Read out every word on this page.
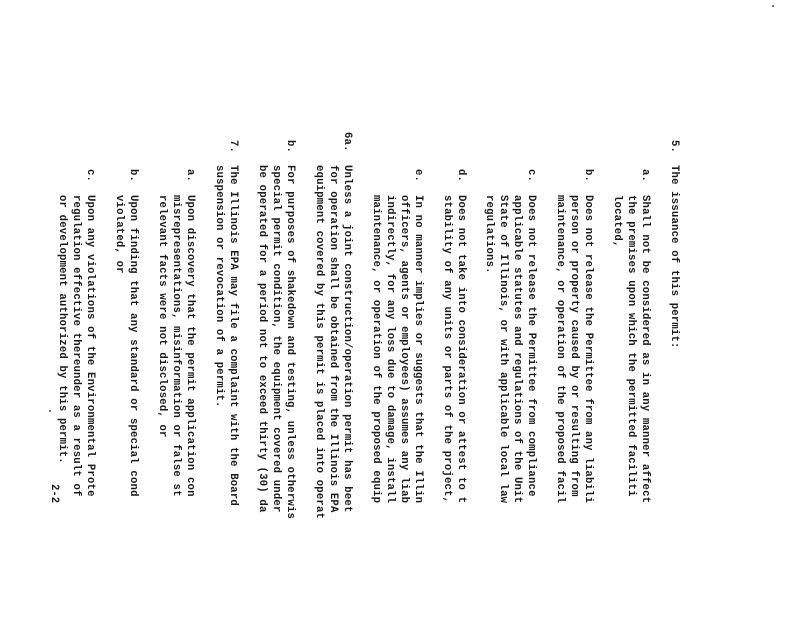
5.
The issuance of this permit:
a.
Shall not be considered as in any manner affect
the premises upon which the permitted faciliti
located,
b.
Does not release the Permittee from any liabili
person or property caused by or resulting from
maintenance, or operation of the proposed facil
c.
Does not release the Permittee from compliance
applicable statutes and regulations of the Unit
State of Illinois, or with applicable local law
regulations.
d.
Does not take into consideration or attest to t
stability of any units or parts of the project,
e.
In no manner implies or suggests that the Illin
officers, agents or employees) assumes any liab
indirectly, for any loss due to damage, install
maintenance, or operation of the proposed equip
6a.
Unless a joint construction/operation permit has beet
for operation shall be obtained from the Illinois EPA
equipment covered by this permit is placed into operat
b.
For purposes of shakedown and testing, unless otherwis
special permit condition, the equipment covered under
be operated for a period not to exceed thirty (30) da
7.
The Illinois EPA may file a complaint with the Board
suspension or revocation of a permit.
a.
Upon discovery that the permit application con
misrepresentations, misinformation or false st
relevant facts were not disclosed, or
b.
Upon finding that any standard or special cond
violated, or
c.
Upon any violations of the Environmental Prote
regulation effective thereunder as a result of
or development authorized by this permit.
2-2
